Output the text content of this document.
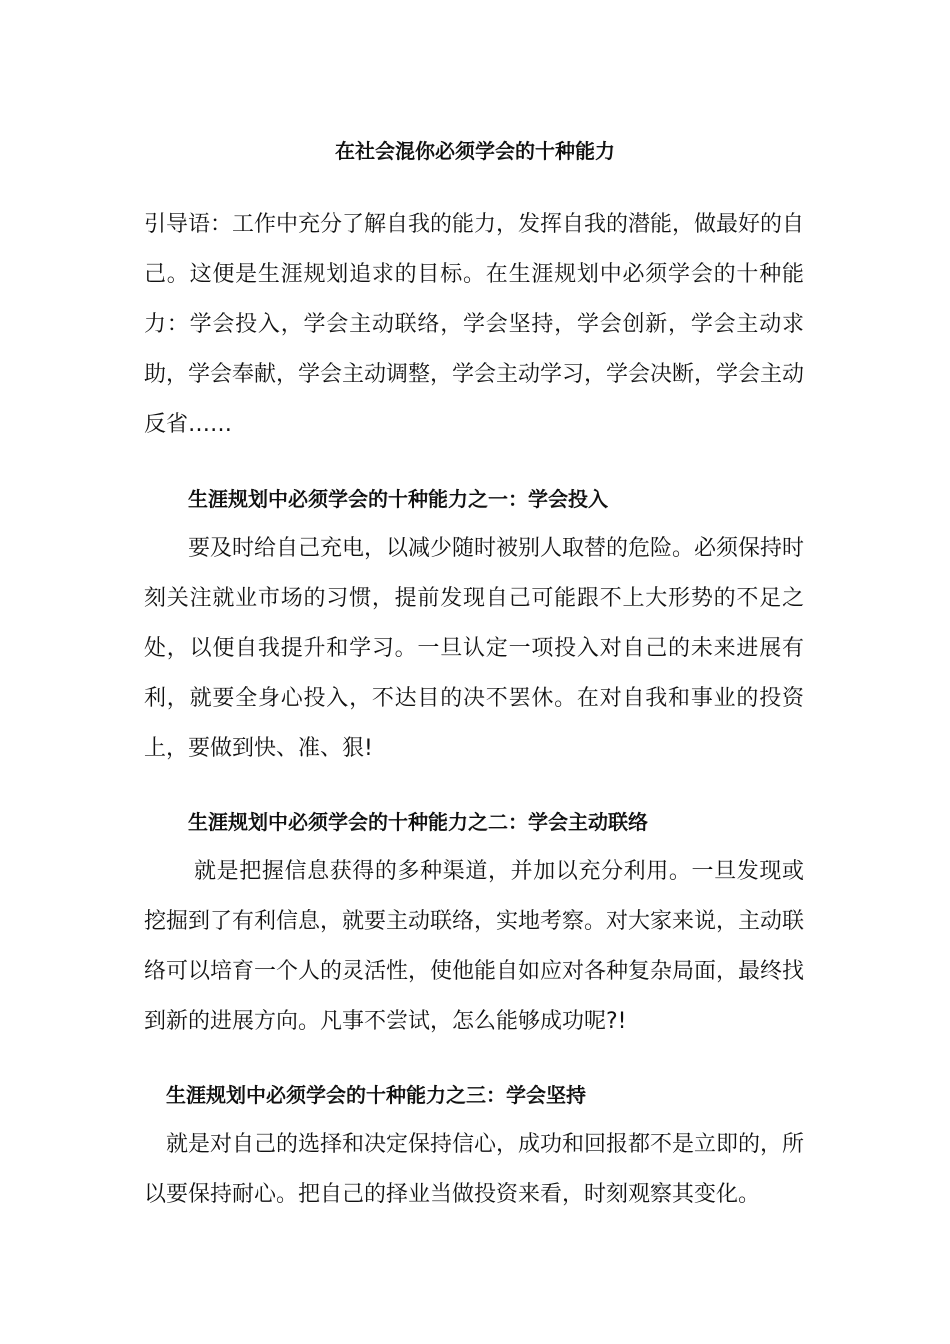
在社会混你必须学会的十种能力

引导语：工作中充分了解自我的能力，发挥自我的潜能，做最好的自己。这便是生涯规划追求的目标。在生涯规划中必须学会的十种能力：学会投入，学会主动联络，学会坚持，学会创新，学会主动求助，学会奉献，学会主动调整，学会主动学习，学会决断，学会主动反省……

生涯规划中必须学会的十种能力之一：学会投入

要及时给自己充电，以减少随时被别人取替的危险。必须保持时刻关注就业市场的习惯，提前发现自己可能跟不上大形势的不足之处，以便自我提升和学习。一旦认定一项投入对自己的未来进展有利，就要全身心投入，不达目的决不罢休。在对自我和事业的投资上，要做到快、准、狠!

生涯规划中必须学会的十种能力之二：学会主动联络

就是把握信息获得的多种渠道，并加以充分利用。一旦发现或挖掘到了有利信息，就要主动联络，实地考察。对大家来说，主动联络可以培育一个人的灵活性，使他能自如应对各种复杂局面，最终找到新的进展方向。凡事不尝试，怎么能够成功呢?!

生涯规划中必须学会的十种能力之三：学会坚持

就是对自己的选择和决定保持信心，成功和回报都不是立即的，所以要保持耐心。把自己的择业当做投资来看，时刻观察其变化。
